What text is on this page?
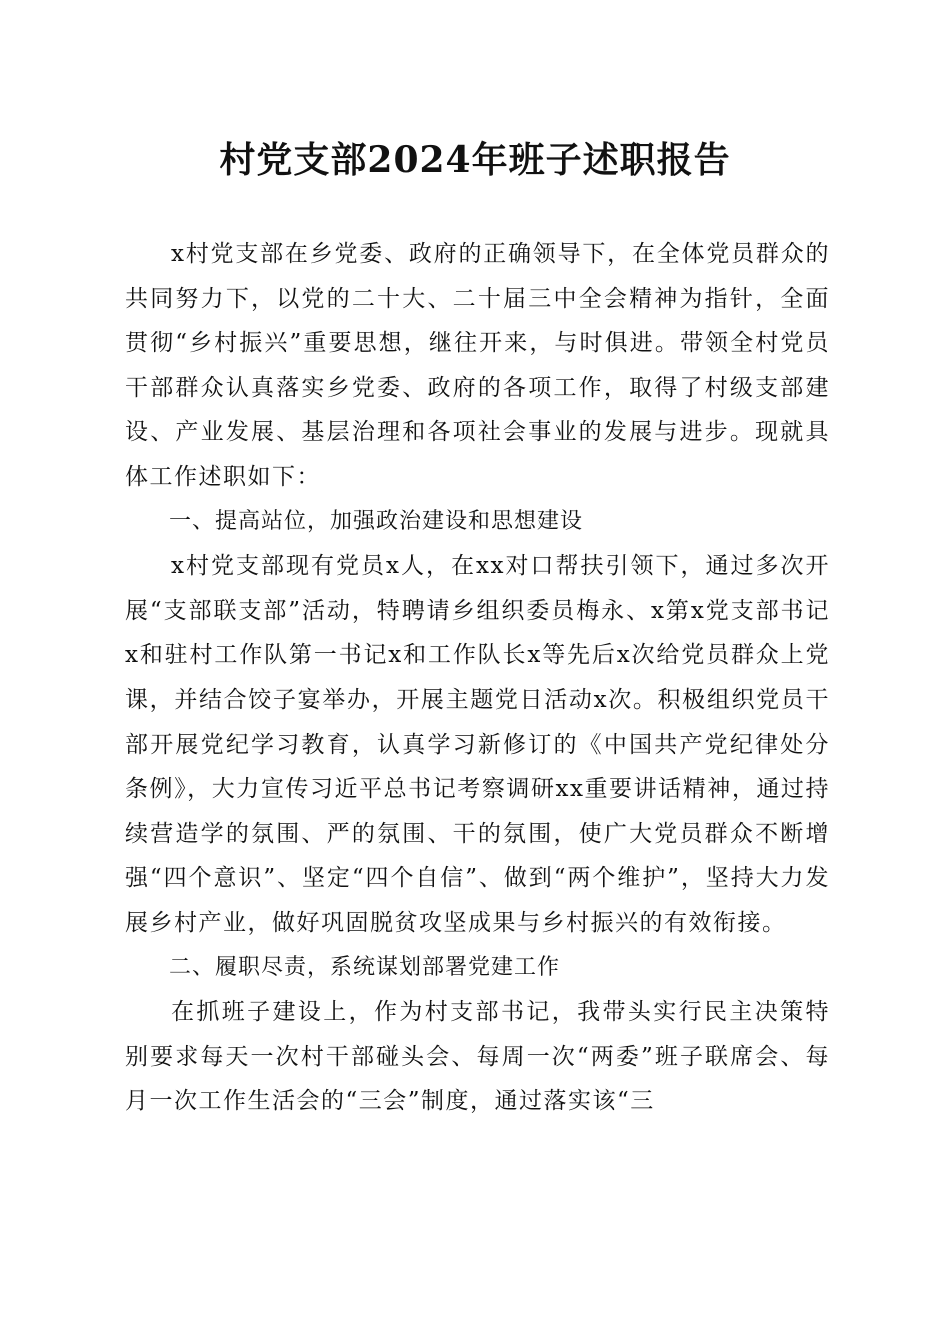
村党支部2024年班子述职报告

x村党支部在乡党委、政府的正确领导下，在全体党员群众的共同努力下，以党的二十大、二十届三中全会精神为指针，全面贯彻“乡村振兴”重要思想，继往开来，与时俱进。带领全村党员干部群众认真落实乡党委、政府的各项工作，取得了村级支部建设、产业发展、基层治理和各项社会事业的发展与进步。现就具体工作述职如下：

一、提高站位，加强政治建设和思想建设

x村党支部现有党员x人，在xx对口帮扶引领下，通过多次开展“支部联支部”活动，特聘请乡组织委员梅永、x第x党支部书记x和驻村工作队第一书记x和工作队长x等先后x次给党员群众上党课，并结合饺子宴举办，开展主题党日活动x次。积极组织党员干部开展党纪学习教育，认真学习新修订的《中国共产党纪律处分条例》，大力宣传习近平总书记考察调研xx重要讲话精神，通过持续营造学的氛围、严的氛围、干的氛围，使广大党员群众不断增强“四个意识”、坚定“四个自信”、做到“两个维护”，坚持大力发展乡村产业，做好巩固脱贫攻坚成果与乡村振兴的有效衔接。

二、履职尽责，系统谋划部署党建工作

在抓班子建设上，作为村支部书记，我带头实行民主决策特别要求每天一次村干部碰头会、每周一次“两委”班子联席会、每月一次工作生活会的“三会”制度，通过落实该“三
